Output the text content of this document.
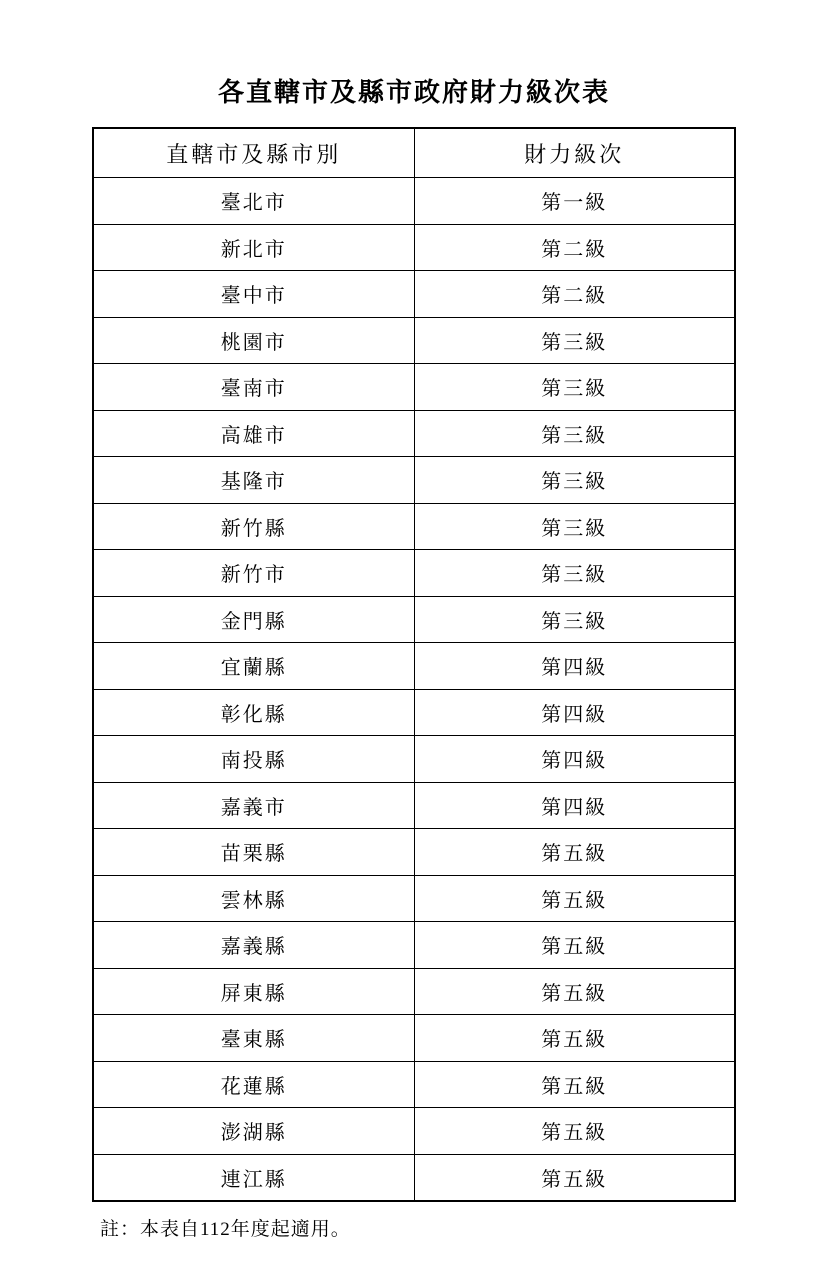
各直轄市及縣市政府財力級次表
直轄市及縣市別	財力級次
臺北市	第一級
新北市	第二級
臺中市	第二級
桃園市	第三級
臺南市	第三級
高雄市	第三級
基隆市	第三級
新竹縣	第三級
新竹市	第三級
金門縣	第三級
宜蘭縣	第四級
彰化縣	第四級
南投縣	第四級
嘉義市	第四級
苗栗縣	第五級
雲林縣	第五級
嘉義縣	第五級
屏東縣	第五級
臺東縣	第五級
花蓮縣	第五級
澎湖縣	第五級
連江縣	第五級
註：本表自112年度起適用。
